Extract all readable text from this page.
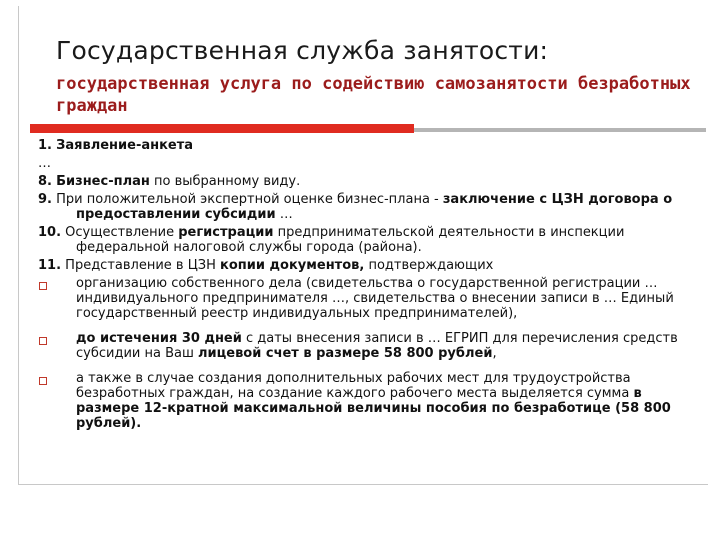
Государственная служба занятости:
государственная услуга по содействию самозанятости безработных граждан

1. Заявление-анкета

…

8. Бизнес-план по выбранному виду.

9. При положительной экспертной оценке бизнес-плана - заключение с ЦЗН договора о предоставлении субсидии …

10. Осуществление регистрации предпринимательской деятельности в инспекции федеральной налоговой службы города (района).

11. Представление в ЦЗН копии документов, подтверждающих

организацию собственного дела (свидетельства о государственной регистрации … индивидуального предпринимателя …, свидетельства о внесении записи в … Единый государственный реестр индивидуальных предпринимателей),
до истечения 30 дней с даты внесения записи в … ЕГРИП для перечисления средств субсидии на Ваш лицевой счет в размере 58 800 рублей,
а также в случае создания дополнительных рабочих мест для трудоустройства безработных граждан, на создание каждого рабочего места выделяется сумма в размере 12-кратной максимальной величины пособия по безработице (58 800 рублей).
